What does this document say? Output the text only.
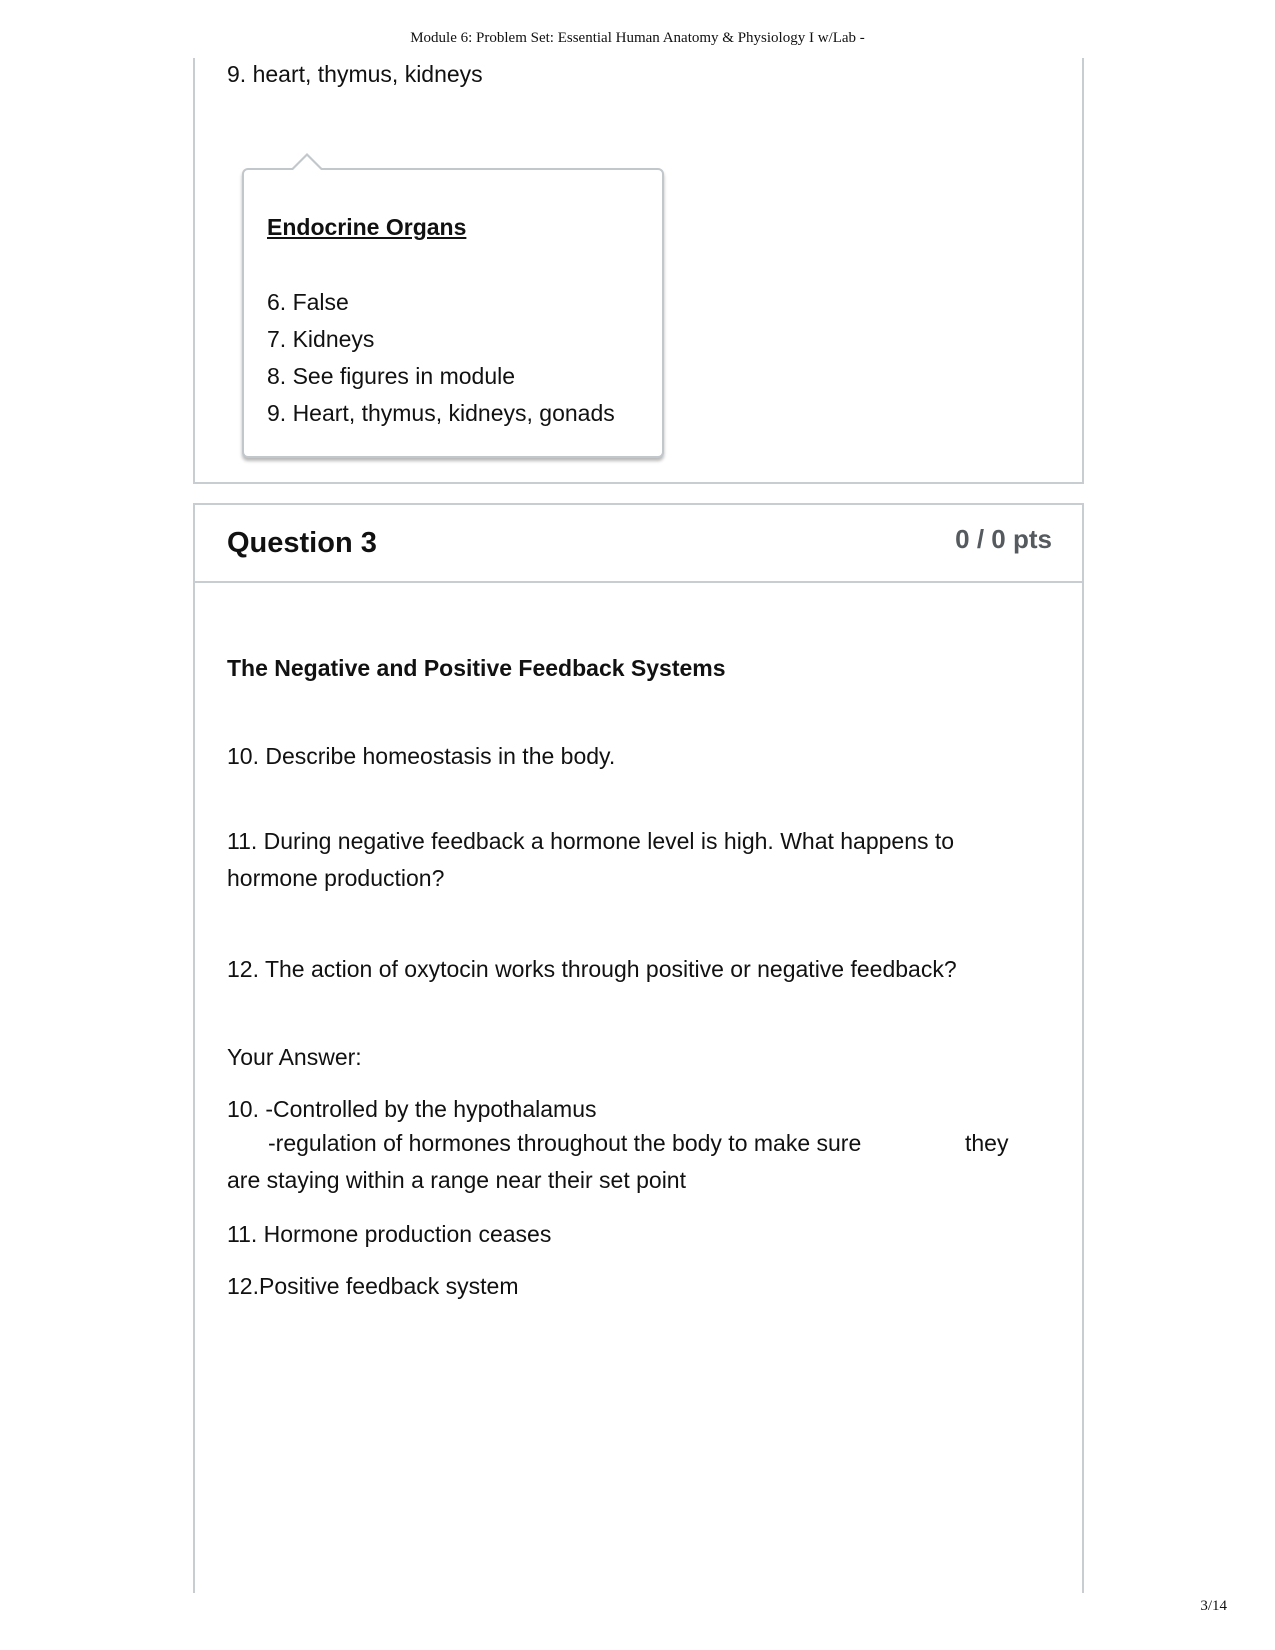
Module 6: Problem Set: Essential Human Anatomy & Physiology I w/Lab -
9. heart, thymus, kidneys
Endocrine Organs
6. False
7. Kidneys
8. See figures in module
9. Heart, thymus, kidneys, gonads
Question 3	0 / 0 pts
The Negative and Positive Feedback Systems
10. Describe homeostasis in the body.
11. During negative feedback a hormone level is high. What happens to hormone production?
12. The action of oxytocin works through positive or negative feedback?
Your Answer:
10. -Controlled by the hypothalamus
-regulation of hormones throughout the body to make sure	they
are staying within a range near their set point
11. Hormone production ceases
12.Positive feedback system
3/14
